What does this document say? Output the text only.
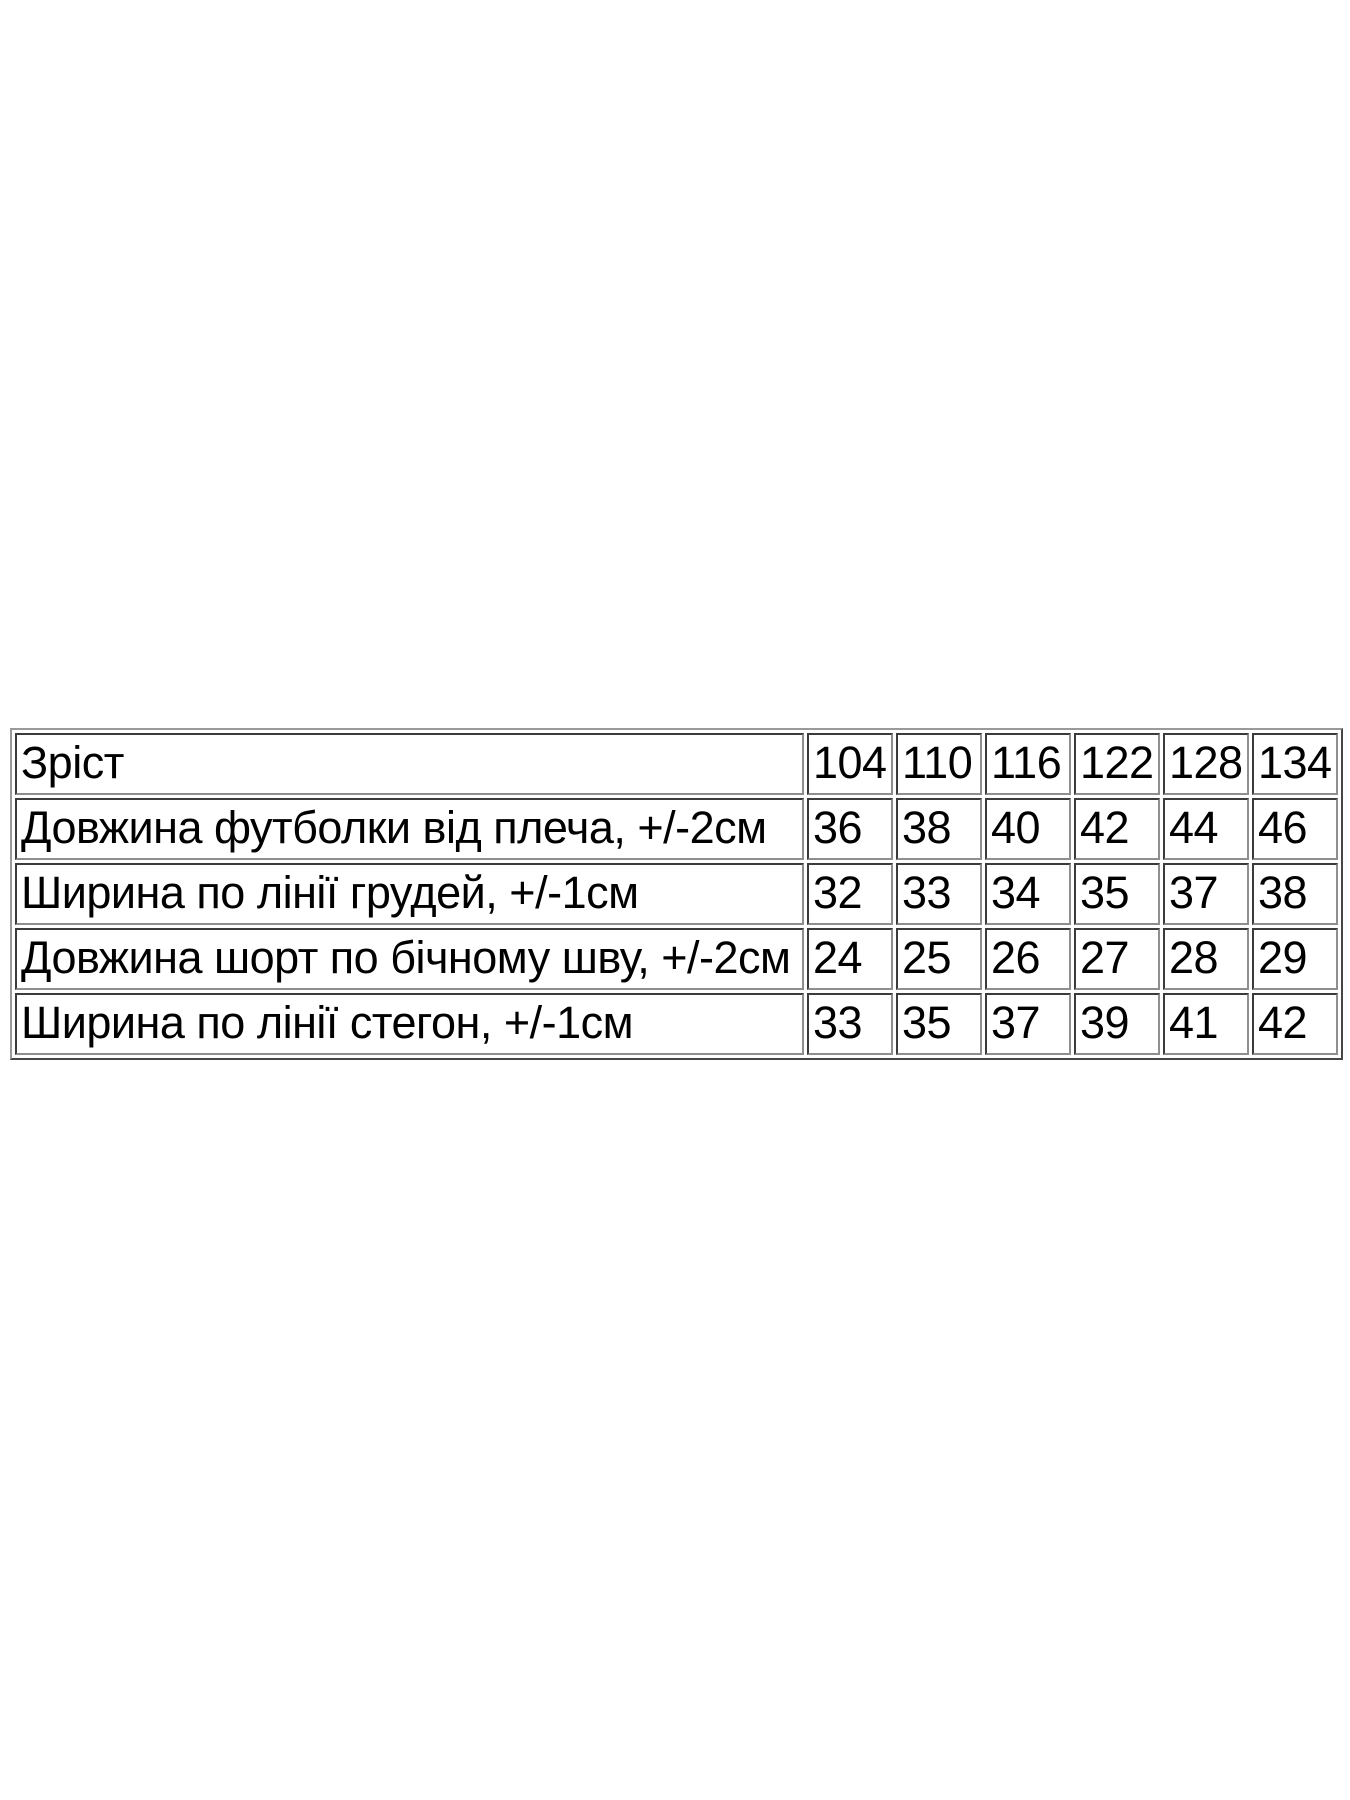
Зріст	104	110	116	122	128	134
Довжина футболки від плеча, +/-2см	36	38	40	42	44	46
Ширина по лінії грудей, +/-1см	32	33	34	35	37	38
Довжина шорт по бічному шву, +/-2см	24	25	26	27	28	29
Ширина по лінії стегон, +/-1см	33	35	37	39	41	42
